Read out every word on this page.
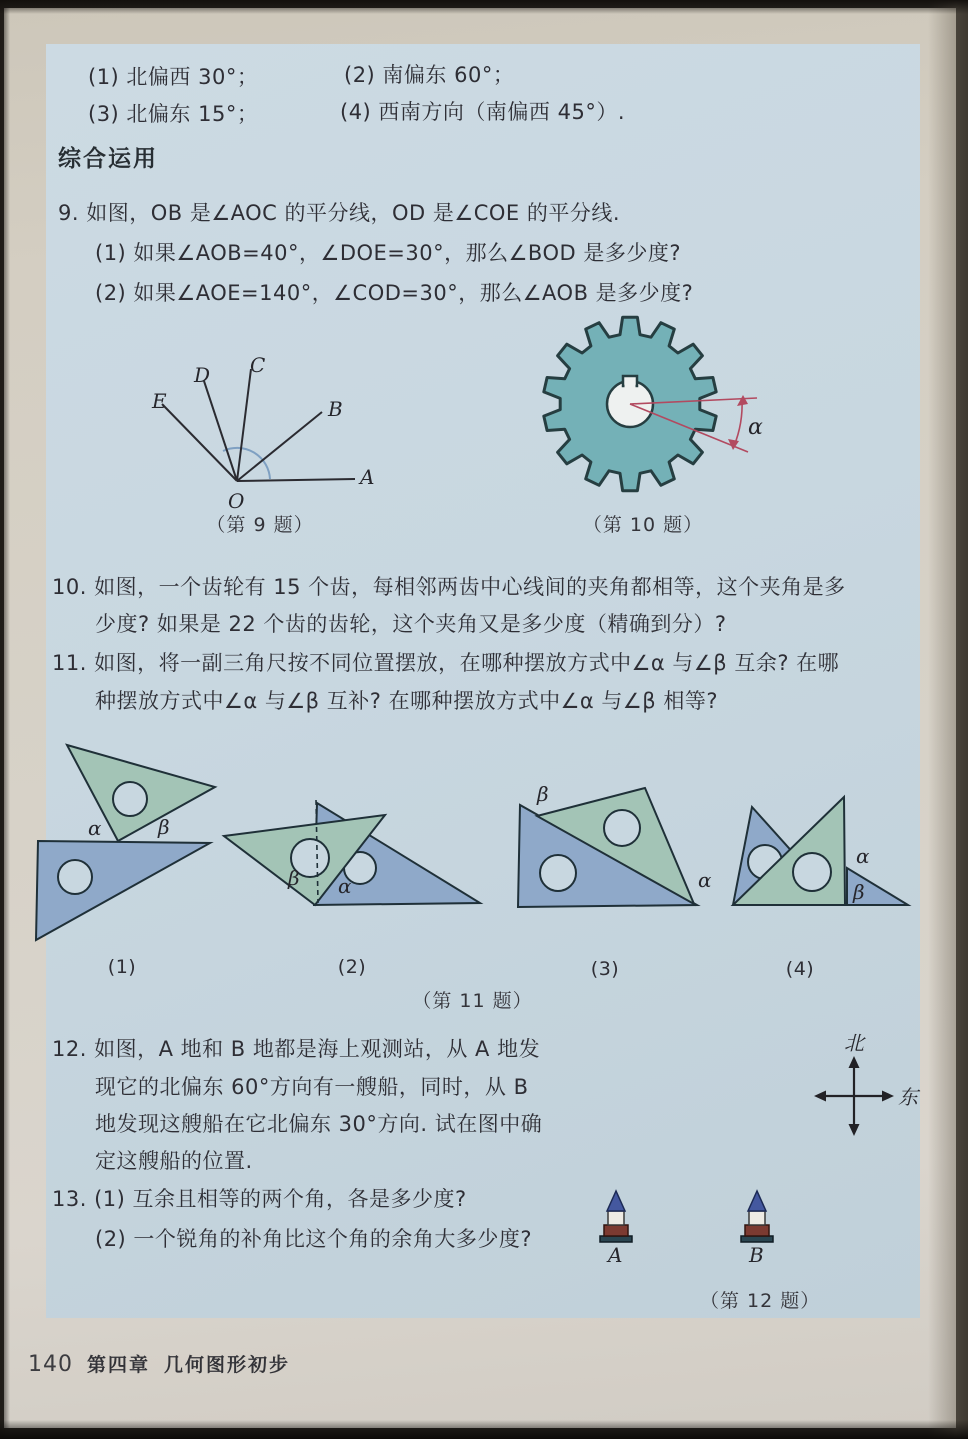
(1) 北偏西 30°；	(2) 南偏东 60°；
(3) 北偏东 15°；	(4) 西南方向（南偏西 45°）.
综合运用
9. 如图，OB 是∠AOC 的平分线，OD 是∠COE 的平分线.
(1) 如果∠AOB=40°，∠DOE=30°，那么∠BOD 是多少度?
(2) 如果∠AOE=140°，∠COD=30°，那么∠AOB 是多少度?
E
D C
B
A
O
（第 9 题）
α
（第 10 题）
10. 如图，一个齿轮有 15 个齿，每相邻两齿中心线间的夹角都相等，这个夹角是多
少度? 如果是 22 个齿的齿轮，这个夹角又是多少度（精确到分）?
11. 如图，将一副三角尺按不同位置摆放，在哪种摆放方式中∠α 与∠β 互余? 在哪
种摆放方式中∠α 与∠β 互补? 在哪种摆放方式中∠α 与∠β 相等?
α	β
β α
β
α
α
β
(1)	(2)	(3)	(4)
（第 11 题）
12. 如图，A 地和 B 地都是海上观测站，从 A 地发
现它的北偏东 60°方向有一艘船，同时，从 B
地发现这艘船在它北偏东 30°方向. 试在图中确
定这艘船的位置.
13. (1) 互余且相等的两个角，各是多少度?
(2) 一个锐角的补角比这个角的余角大多少度?
北
东
A	B
（第 12 题）
140 第四章 几何图形初步
